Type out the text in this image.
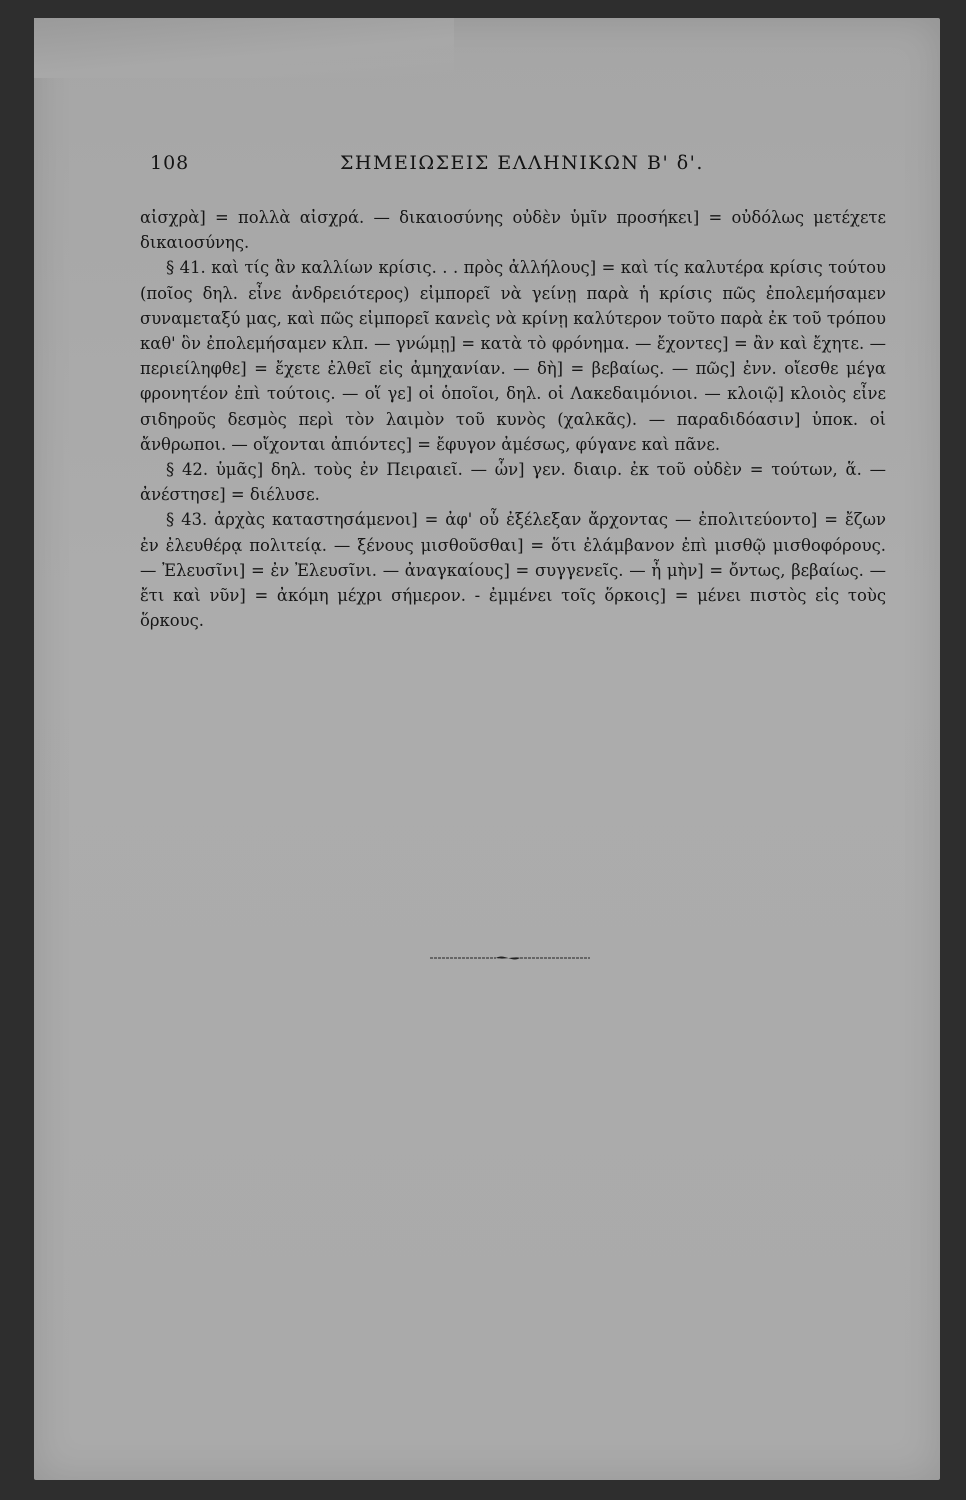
108	ΣΗΜΕΙΩΣΕΙΣ ΕΛΛΗΝΙΚΩΝ Β' δ'.

αἰσχρὰ] = πολλὰ αἰσχρά. — δικαιοσύνης οὐδὲν ὑμῖν προσήκει] = οὐδόλως μετέχετε δικαιοσύνης.

§ 41. καὶ τίς ἂν καλλίων κρίσις. . . πρὸς ἀλλήλους] = καὶ τίς καλυτέρα κρίσις τούτου (ποῖος δηλ. εἶνε ἀνδρειότερος) εἰμπορεῖ νὰ γείνῃ παρὰ ἡ κρίσις πῶς ἐπολεμήσαμεν συναμεταξύ μας, καὶ πῶς εἰμπορεῖ κανεὶς νὰ κρίνῃ καλύτερον τοῦτο παρὰ ἐκ τοῦ τρόπου καθ' ὃν ἐπολεμήσαμεν κλπ. — γνώμῃ] = κατὰ τὸ φρόνημα. — ἔχοντες] = ἂν καὶ ἔχητε. — περιείληφθε] = ἔχετε ἐλθεῖ εἰς ἀμηχανίαν. — δὴ] = βεβαίως. — πῶς] ἐνν. οἴεσθε μέγα φρονητέον ἐπὶ τούτοις. — οἵ γε] οἱ ὁποῖοι, δηλ. οἱ Λακεδαιμόνιοι. — κλοιῷ] κλοιὸς εἶνε σιδηροῦς δεσμὸς περὶ τὸν λαιμὸν τοῦ κυνὸς (χαλκᾶς). — παραδιδόασιν] ὑποκ. οἱ ἄνθρωποι. — οἴχονται ἀπιόντες] = ἔφυγον ἀμέσως, φύγανε καὶ πᾶνε.

§ 42. ὑμᾶς] δηλ. τοὺς ἐν Πειραιεῖ. — ὧν] γεν. διαιρ. ἐκ τοῦ οὐδὲν = τούτων, ἅ. — ἀνέστησε] = διέλυσε.

§ 43. ἀρχὰς καταστησάμενοι] = ἀφ' οὗ ἐξέλεξαν ἄρχοντας — ἐπολιτεύοντο] = ἔζων ἐν ἐλευθέρᾳ πολιτείᾳ. — ξένους μισθοῦσθαι] = ὅτι ἐλάμβανον ἐπὶ μισθῷ μισθοφόρους. — Ἐλευσῖνι] = ἐν Ἐλευσῖνι. — ἀναγκαίους] = συγγενεῖς. — ἦ μὴν] = ὄντως, βεβαίως. — ἔτι καὶ νῦν] = ἀκόμη μέχρι σήμερον. - ἐμμένει τοῖς ὅρκοις] = μένει πιστὸς εἰς τοὺς ὅρκους.
